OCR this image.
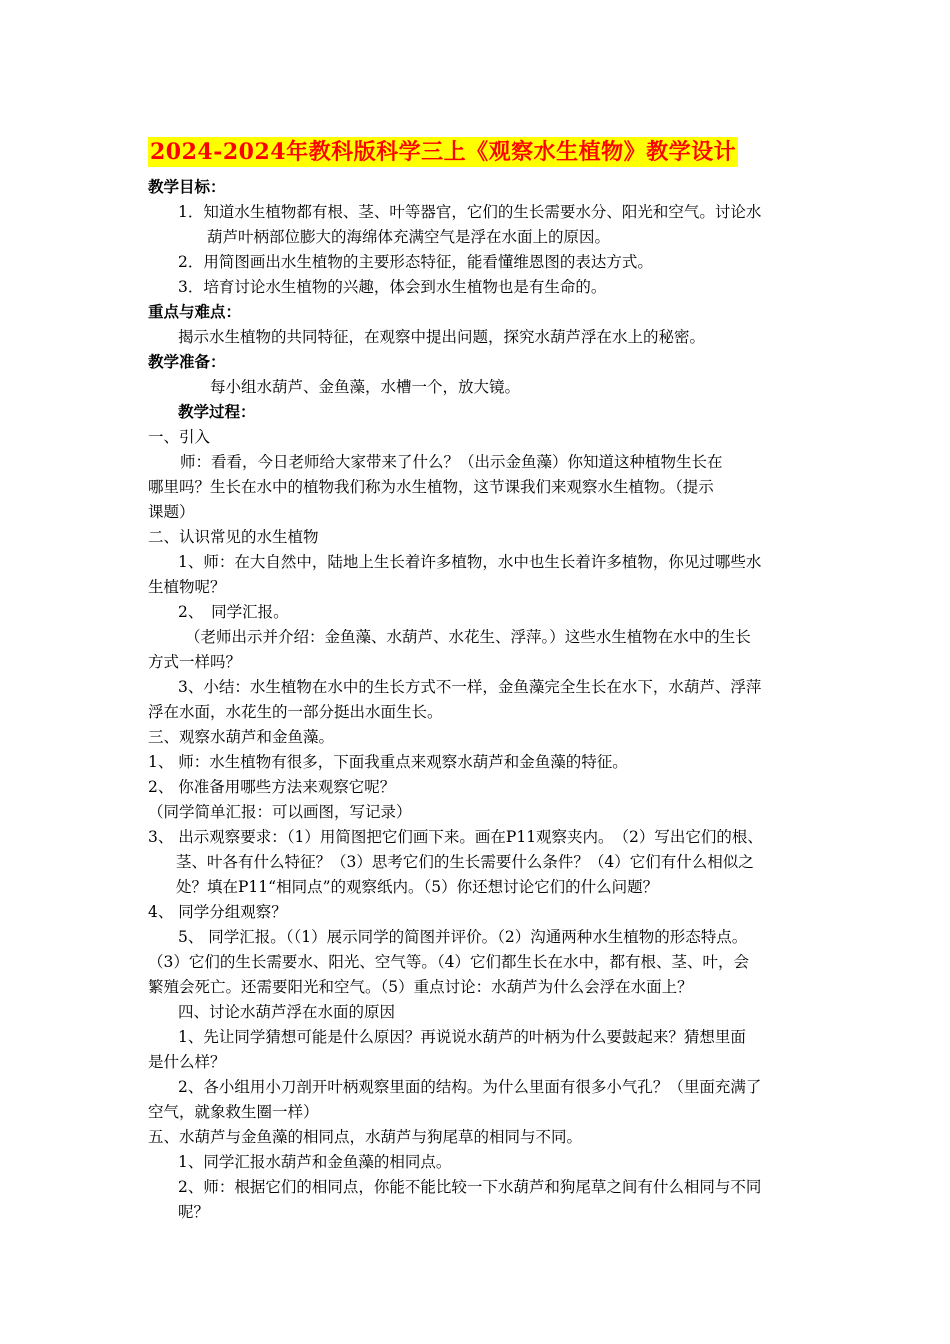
2024-2024年教科版科学三上《观察水生植物》教学设计
教学目标：
1．知道水生植物都有根、茎、叶等器官，它们的生长需要水分、阳光和空气。讨论水
葫芦叶柄部位膨大的海绵体充满空气是浮在水面上的原因。
2．用简图画出水生植物的主要形态特征，能看懂维恩图的表达方式。
3．培育讨论水生植物的兴趣，体会到水生植物也是有生命的。
重点与难点：
揭示水生植物的共同特征，在观察中提出问题，探究水葫芦浮在水上的秘密。
教学准备：
每小组水葫芦、金鱼藻，水槽一个，放大镜。
教学过程：
一、引入
师：看看，今日老师给大家带来了什么？（出示金鱼藻）你知道这种植物生长在
哪里吗？生长在水中的植物我们称为水生植物，这节课我们来观察水生植物。（提示
课题）
二、认识常见的水生植物
1、师：在大自然中，陆地上生长着许多植物，水中也生长着许多植物，你见过哪些水
生植物呢？
2、　同学汇报。
（老师出示并介绍：金鱼藻、水葫芦、水花生、浮萍。）这些水生植物在水中的生长
方式一样吗？
3、小结：水生植物在水中的生长方式不一样，金鱼藻完全生长在水下，水葫芦、浮萍
浮在水面，水花生的一部分挺出水面生长。
三、观察水葫芦和金鱼藻。
1、 师：水生植物有很多，下面我重点来观察水葫芦和金鱼藻的特征。
2、 你准备用哪些方法来观察它呢？
（同学简单汇报：可以画图，写记录）
3、 出示观察要求：（1）用简图把它们画下来。画在P11观察夹内。　（2）写出它们的根、
茎、叶各有什么特征？（3）思考它们的生长需要什么条件？（4）它们有什么相似之
处？填在P11“相同点”的观察纸内。（5）你还想讨论它们的什么问题？
4、 同学分组观察？
5、 同学汇报。（（1）展示同学的简图并评价。（2）沟通两种水生植物的形态特点。
（3）它们的生长需要水、阳光、空气等。（4）它们都生长在水中，都有根、茎、叶，会
繁殖会死亡。还需要阳光和空气。（5）重点讨论：水葫芦为什么会浮在水面上？
四、讨论水葫芦浮在水面的原因
1、先让同学猜想可能是什么原因？再说说水葫芦的叶柄为什么要鼓起来？猜想里面
是什么样？
2、各小组用小刀剖开叶柄观察里面的结构。为什么里面有很多小气孔？（里面充满了
空气，就象救生圈一样）
五、水葫芦与金鱼藻的相同点，水葫芦与狗尾草的相同与不同。
1、同学汇报水葫芦和金鱼藻的相同点。
2、师：根据它们的相同点，你能不能比较一下水葫芦和狗尾草之间有什么相同与不同
呢？
